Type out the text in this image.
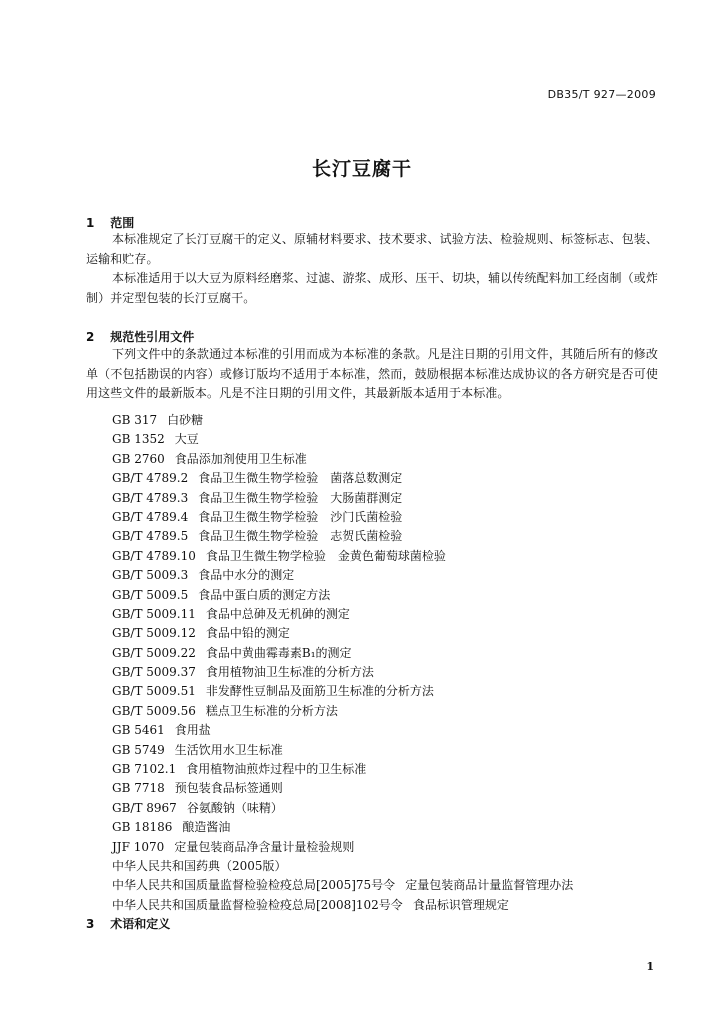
DB35/T 927—2009
长汀豆腐干
1 范围

本标准规定了长汀豆腐干的定义、原辅材料要求、技术要求、试验方法、检验规则、标签标志、包装、运输和贮存。

本标准适用于以大豆为原料经磨浆、过滤、游浆、成形、压干、切块，辅以传统配料加工经卤制（或炸制）并定型包装的长汀豆腐干。

2 规范性引用文件

下列文件中的条款通过本标准的引用而成为本标准的条款。凡是注日期的引用文件，其随后所有的修改单（不包括勘误的内容）或修订版均不适用于本标准，然而，鼓励根据本标准达成协议的各方研究是否可使用这些文件的最新版本。凡是不注日期的引用文件，其最新版本适用于本标准。

GB 317 白砂糖
GB 1352 大豆
GB 2760 食品添加剂使用卫生标准
GB/T 4789.2 食品卫生微生物学检验　菌落总数测定
GB/T 4789.3 食品卫生微生物学检验　大肠菌群测定
GB/T 4789.4 食品卫生微生物学检验　沙门氏菌检验
GB/T 4789.5 食品卫生微生物学检验　志贺氏菌检验
GB/T 4789.10 食品卫生微生物学检验　金黄色葡萄球菌检验
GB/T 5009.3 食品中水分的测定
GB/T 5009.5 食品中蛋白质的测定方法
GB/T 5009.11 食品中总砷及无机砷的测定
GB/T 5009.12 食品中铅的测定
GB/T 5009.22 食品中黄曲霉毒素B₁的测定
GB/T 5009.37 食用植物油卫生标准的分析方法
GB/T 5009.51 非发酵性豆制品及面筋卫生标准的分析方法
GB/T 5009.56 糕点卫生标准的分析方法
GB 5461 食用盐
GB 5749 生活饮用水卫生标准
GB 7102.1 食用植物油煎炸过程中的卫生标准
GB 7718 预包装食品标签通则
GB/T 8967 谷氨酸钠（味精）
GB 18186 酿造酱油
JJF 1070 定量包装商品净含量计量检验规则
中华人民共和国药典（2005版）
中华人民共和国质量监督检验检疫总局[2005]75号令 定量包装商品计量监督管理办法
中华人民共和国质量监督检验检疫总局[2008]102号令 食品标识管理规定
3 术语和定义
1
